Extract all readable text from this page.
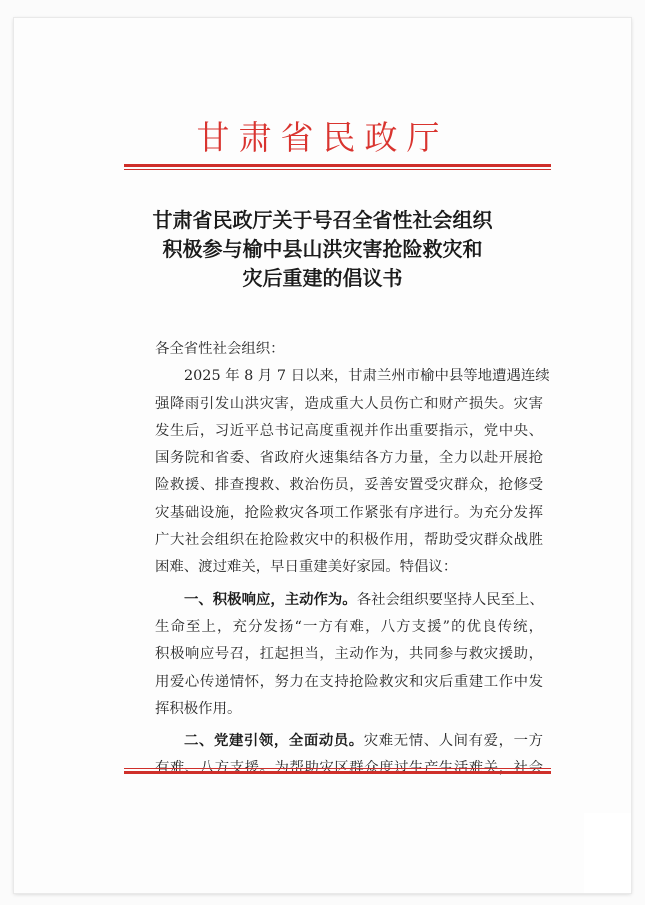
甘肃省民政厅
甘肃省民政厅关于号召全省性社会组织
积极参与榆中县山洪灾害抢险救灾和
灾后重建的倡议书
各全省性社会组织：
2025 年 8 月 7 日以来，甘肃兰州市榆中县等地遭遇连续
强降雨引发山洪灾害，造成重大人员伤亡和财产损失。灾害
发生后，习近平总书记高度重视并作出重要指示，党中央、
国务院和省委、省政府火速集结各方力量，全力以赴开展抢
险救援、排查搜救、救治伤员，妥善安置受灾群众，抢修受
灾基础设施，抢险救灾各项工作紧张有序进行。为充分发挥
广大社会组织在抢险救灾中的积极作用，帮助受灾群众战胜
困难、渡过难关，早日重建美好家园。特倡议：
一、积极响应，主动作为。各社会组织要坚持人民至上、
生命至上，充分发扬“一方有难，八方支援”的优良传统，
积极响应号召，扛起担当，主动作为，共同参与救灾援助，
用爱心传递情怀，努力在支持抢险救灾和灾后重建工作中发
挥积极作用。
二、党建引领，全面动员。灾难无情、人间有爱，一方
